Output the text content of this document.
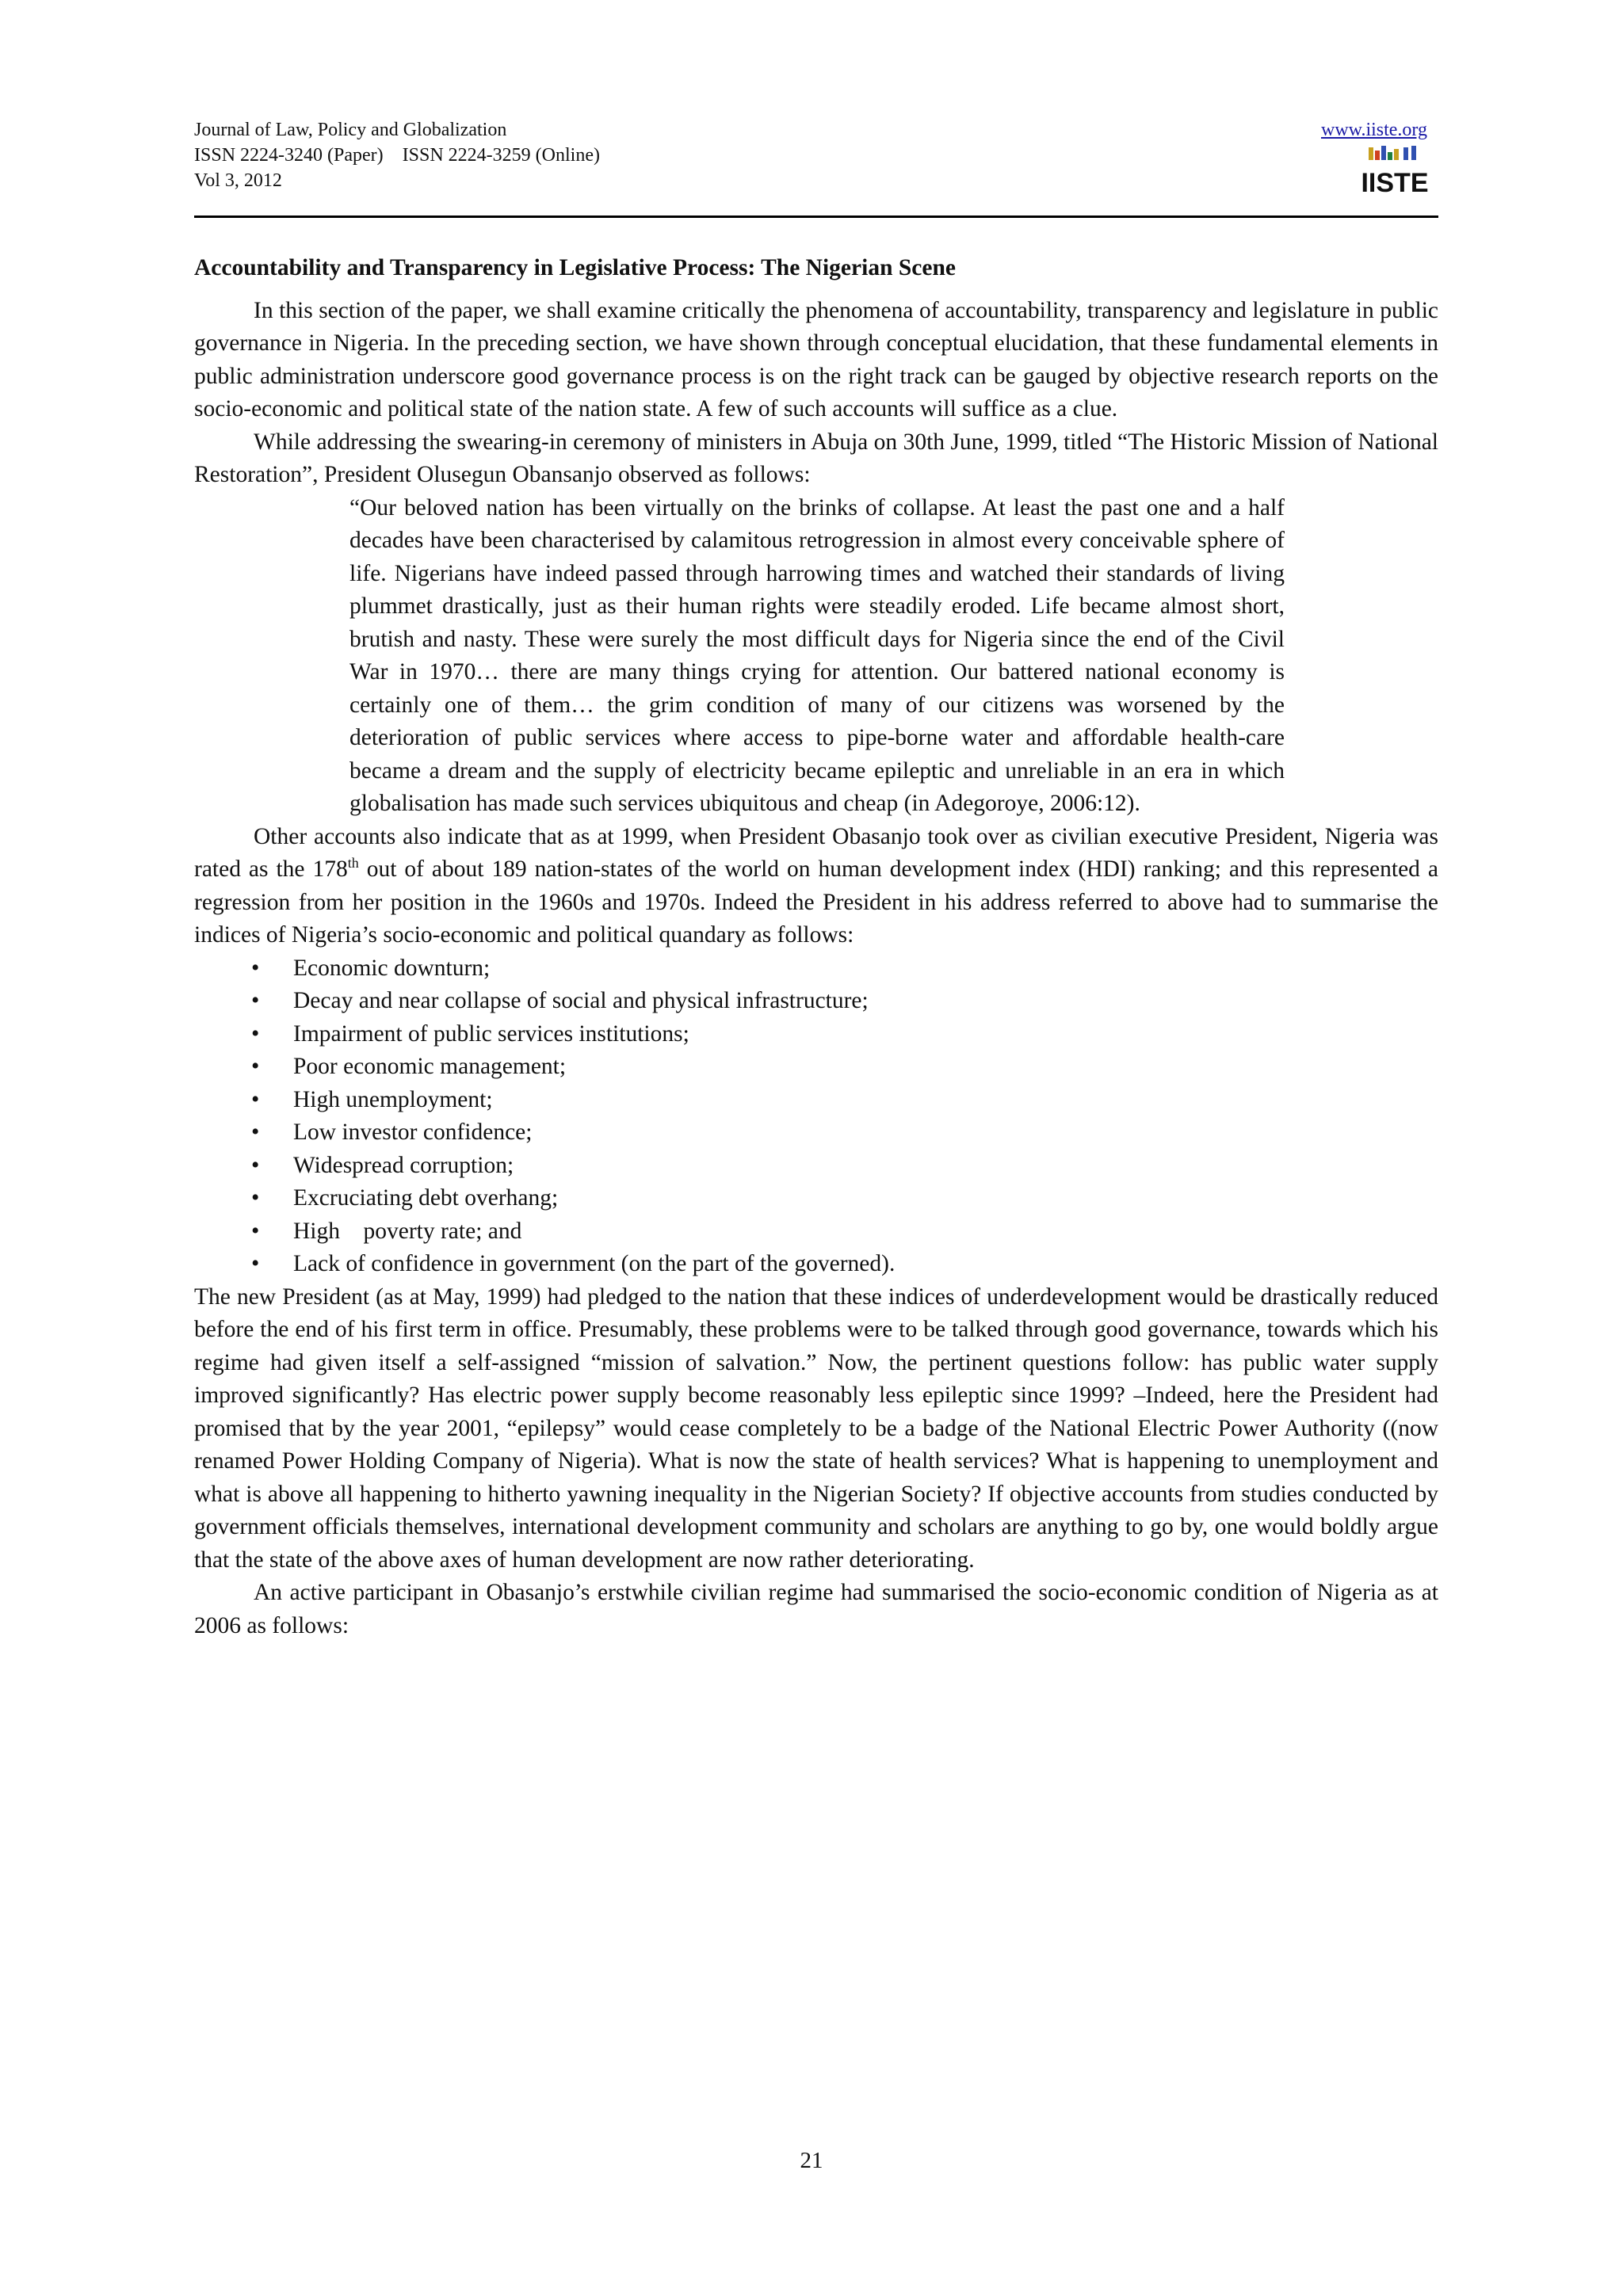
Journal of Law, Policy and Globalization
ISSN 2224-3240 (Paper)    ISSN 2224-3259 (Online)
Vol 3, 2012
www.iiste.org
IISTE

Accountability and Transparency in Legislative Process: The Nigerian Scene

In this section of the paper, we shall examine critically the phenomena of accountability, transparency and legislature in public governance in Nigeria. In the preceding section, we have shown through conceptual elucidation, that these fundamental elements in public administration underscore good governance process is on the right track can be gauged by objective research reports on the socio-economic and political state of the nation state. A few of such accounts will suffice as a clue.

While addressing the swearing-in ceremony of ministers in Abuja on 30th June, 1999, titled “The Historic Mission of National Restoration”, President Olusegun Obansanjo observed as follows:

“Our beloved nation has been virtually on the brinks of collapse. At least the past one and a half decades have been characterised by calamitous retrogression in almost every conceivable sphere of life. Nigerians have indeed passed through harrowing times and watched their standards of living plummet drastically, just as their human rights were steadily eroded. Life became almost short, brutish and nasty. These were surely the most difficult days for Nigeria since the end of the Civil War in 1970… there are many things crying for attention. Our battered national economy is certainly one of them… the grim condition of many of our citizens was worsened by the deterioration of public services where access to pipe-borne water and affordable health-care became a dream and the supply of electricity became epileptic and unreliable in an era in which globalisation has made such services ubiquitous and cheap (in Adegoroye, 2006:12).

Other accounts also indicate that as at 1999, when President Obasanjo took over as civilian executive President, Nigeria was rated as the 178th out of about 189 nation-states of the world on human development index (HDI) ranking; and this represented a regression from her position in the 1960s and 1970s. Indeed the President in his address referred to above had to summarise the indices of Nigeria’s socio-economic and political quandary as follows:

• Economic downturn;
• Decay and near collapse of social and physical infrastructure;
• Impairment of public services institutions;
• Poor economic management;
• High unemployment;
• Low investor confidence;
• Widespread corruption;
• Excruciating debt overhang;
• High    poverty rate; and
• Lack of confidence in government (on the part of the governed).

The new President (as at May, 1999) had pledged to the nation that these indices of underdevelopment would be drastically reduced before the end of his first term in office. Presumably, these problems were to be talked through good governance, towards which his regime had given itself a self-assigned “mission of salvation.” Now, the pertinent questions follow: has public water supply improved significantly? Has electric power supply become reasonably less epileptic since 1999? –Indeed, here the President had promised that by the year 2001, “epilepsy” would cease completely to be a badge of the National Electric Power Authority ((now renamed Power Holding Company of Nigeria). What is now the state of health services? What is happening to unemployment and what is above all happening to hitherto yawning inequality in the Nigerian Society? If objective accounts from studies conducted by government officials themselves, international development community and scholars are anything to go by, one would boldly argue that the state of the above axes of human development are now rather deteriorating.

An active participant in Obasanjo’s erstwhile civilian regime had summarised the socio-economic condition of Nigeria as at 2006 as follows:

21
